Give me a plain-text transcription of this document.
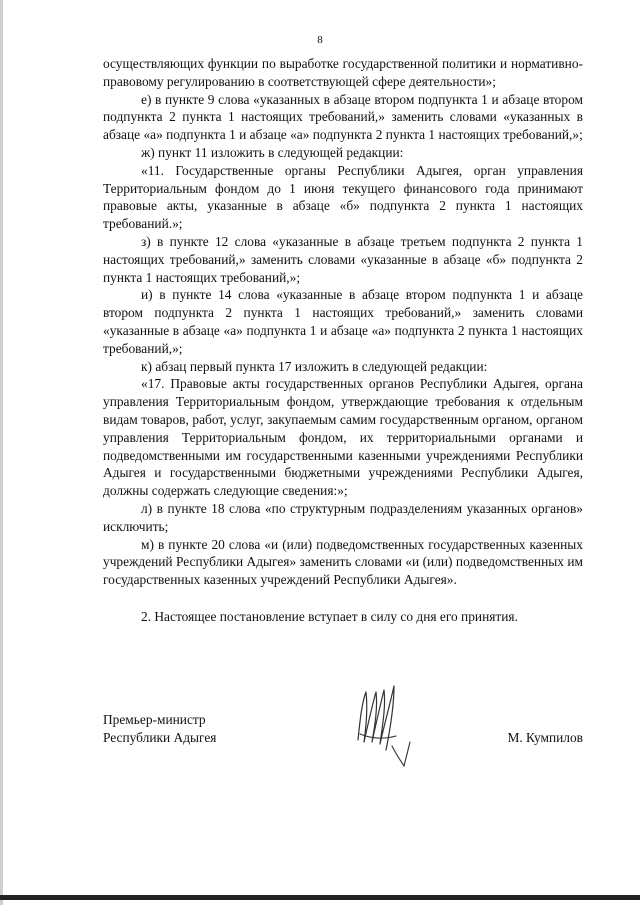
8

осуществляющих функции по выработке государственной политики и нормативно-правовому регулированию в соответствующей сфере деятельности»;

е) в пункте 9 слова «указанных в абзаце втором подпункта 1 и абзаце втором подпункта 2 пункта 1 настоящих требований,» заменить словами «указанных в абзаце «а» подпункта 1 и абзаце «а» подпункта 2 пункта 1 настоящих требований,»;

ж) пункт 11 изложить в следующей редакции:

«11. Государственные органы Республики Адыгея, орган управления Территориальным фондом до 1 июня текущего финансового года принимают правовые акты, указанные в абзаце «б» подпункта 2 пункта 1 настоящих требований.»;

з) в пункте 12 слова «указанные в абзаце третьем подпункта 2 пункта 1 настоящих требований,» заменить словами «указанные в абзаце «б» подпункта 2 пункта 1 настоящих требований,»;

и) в пункте 14 слова «указанные в абзаце втором подпункта 1 и абзаце втором подпункта 2 пункта 1 настоящих требований,» заменить словами «указанные в абзаце «а» подпункта 1 и абзаце «а» подпункта 2 пункта 1 настоящих требований,»;

к) абзац первый пункта 17 изложить в следующей редакции:

«17. Правовые акты государственных органов Республики Адыгея, органа управления Территориальным фондом, утверждающие требования к отдельным видам товаров, работ, услуг, закупаемым самим государственным органом, органом управления Территориальным фондом, их территориальными органами и подведомственными им государственными казенными учреждениями Республики Адыгея и государственными бюджетными учреждениями Республики Адыгея, должны содержать следующие сведения:»;

л) в пункте 18 слова «по структурным подразделениям указанных органов» исключить;

м) в пункте 20 слова «и (или) подведомственных государственных казенных учреждений Республики Адыгея» заменить словами «и (или) подведомственных им государственных казенных учреждений Республики Адыгея».

2. Настоящее постановление вступает в силу со дня его принятия.

Премьер-министр
Республики Адыгея	М. Кумпилов
